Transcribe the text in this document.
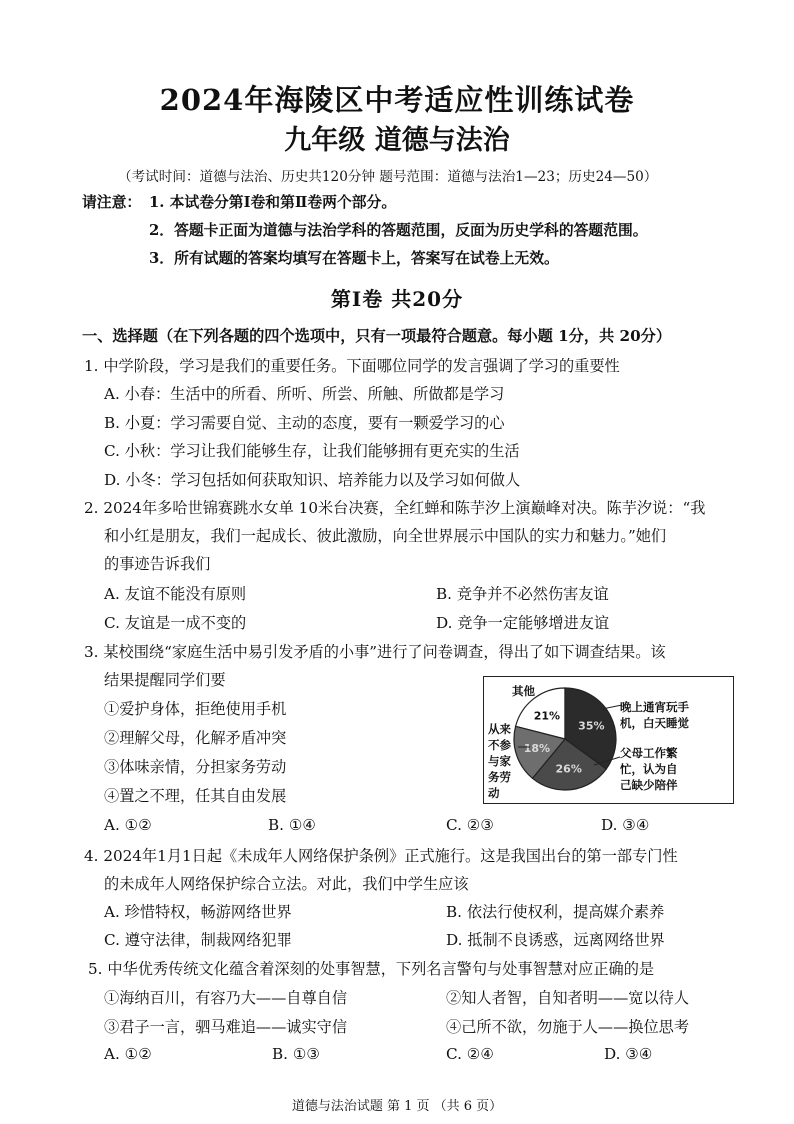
2024年海陵区中考适应性训练试卷
九年级 道德与法治
（考试时间：道德与法治、历史共120分钟 题号范围：道德与法治1—23；历史24—50）
请注意： 1. 本试卷分第Ⅰ卷和第Ⅱ卷两个部分。
2．答题卡正面为道德与法治学科的答题范围，反面为历史学科的答题范围。
3．所有试题的答案均填写在答题卡上，答案写在试卷上无效。
第Ⅰ卷 共20分
一、选择题（在下列各题的四个选项中，只有一项最符合题意。每小题 1分，共 20分）
1. 中学阶段，学习是我们的重要任务。下面哪位同学的发言强调了学习的重要性
A. 小春：生活中的所看、所听、所尝、所触、所做都是学习
B. 小夏：学习需要自觉、主动的态度，要有一颗爱学习的心
C. 小秋：学习让我们能够生存，让我们能够拥有更充实的生活
D. 小冬：学习包括如何获取知识、培养能力以及学习如何做人
2. 2024年多哈世锦赛跳水女单 10米台决赛，全红蝉和陈芋汐上演巅峰对决。陈芋汐说：“我
和小红是朋友，我们一起成长、彼此激励，向全世界展示中国队的实力和魅力。”她们
的事迹告诉我们
A. 友谊不能没有原则	B. 竞争并不必然伤害友谊
C. 友谊是一成不变的	D. 竞争一定能够增进友谊
3. 某校围绕“家庭生活中易引发矛盾的小事”进行了问卷调查，得出了如下调查结果。该
结果提醒同学们要
①爱护身体，拒绝使用手机
②理解父母，化解矛盾冲突
③体味亲情，分担家务劳动
④置之不理，任其自由发展
A. ①②	B. ①④	C. ②③	D. ③④
21%
35%
26%
18%
其他
晚上通宵玩手
机，白天睡觉
父母工作繁
忙，认为自
己缺少陪伴
从来
不参
与家
务劳
动
4. 2024年1月1日起《未成年人网络保护条例》正式施行。这是我国出台的第一部专门性
的未成年人网络保护综合立法。对此，我们中学生应该
A. 珍惜特权，畅游网络世界	B. 依法行使权利，提高媒介素养
C. 遵守法律，制裁网络犯罪	D. 抵制不良诱惑，远离网络世界
5. 中华优秀传统文化蕴含着深刻的处事智慧，下列名言警句与处事智慧对应正确的是
①海纳百川，有容乃大——自尊自信	②知人者智，自知者明——宽以待人
③君子一言，驷马难追——诚实守信	④己所不欲，勿施于人——换位思考
A. ①②	B. ①③	C. ②④	D. ③④
道德与法治试题 第 1 页 （共 6 页）
